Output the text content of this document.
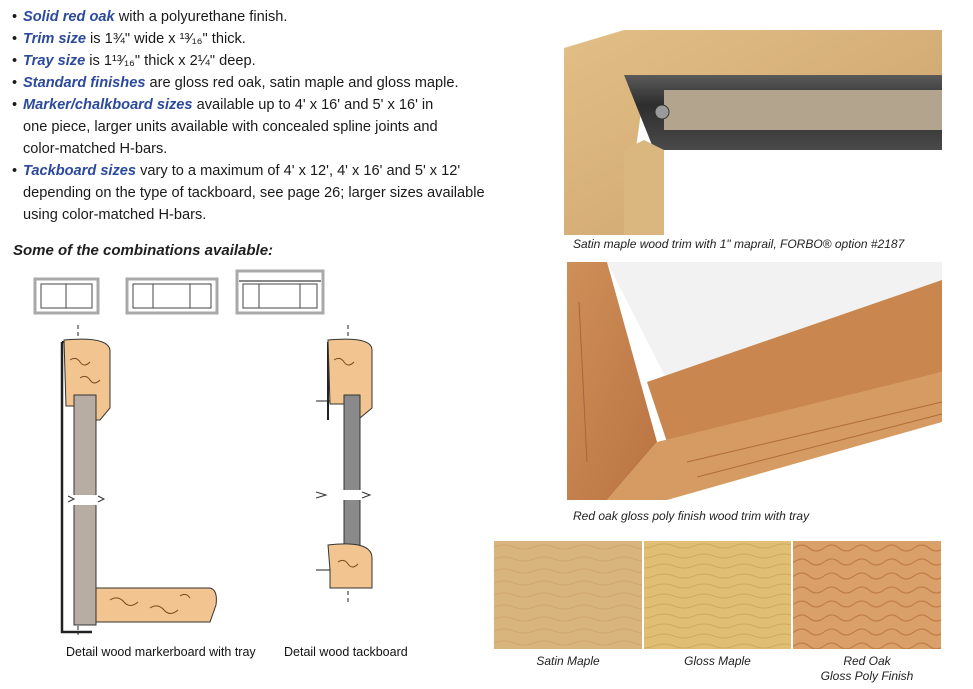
• Solid red oak with a polyurethane finish.
• Trim size is 1¾" wide x ¹³⁄₁₆" thick.
• Tray size is 1¹³⁄₁₆" thick x 2¼" deep.
• Standard finishes are gloss red oak, satin maple and gloss maple.
• Marker/chalkboard sizes available up to 4' x 16' and 5' x 16' in
one piece, larger units available with concealed spline joints and
color-matched H-bars.
• Tackboard sizes vary to a maximum of 4' x 12', 4' x 16' and 5' x 12'
depending on the type of tackboard, see page 26; larger sizes available
using color-matched H-bars.
Some of the combinations available:
Detail wood markerboard with tray Detail wood tackboard
Satin maple wood trim with 1" maprail, FORBO® option #2187
Red oak gloss poly finish wood trim with tray
Satin Maple	Gloss Maple	Red Oak
Gloss Poly Finish
